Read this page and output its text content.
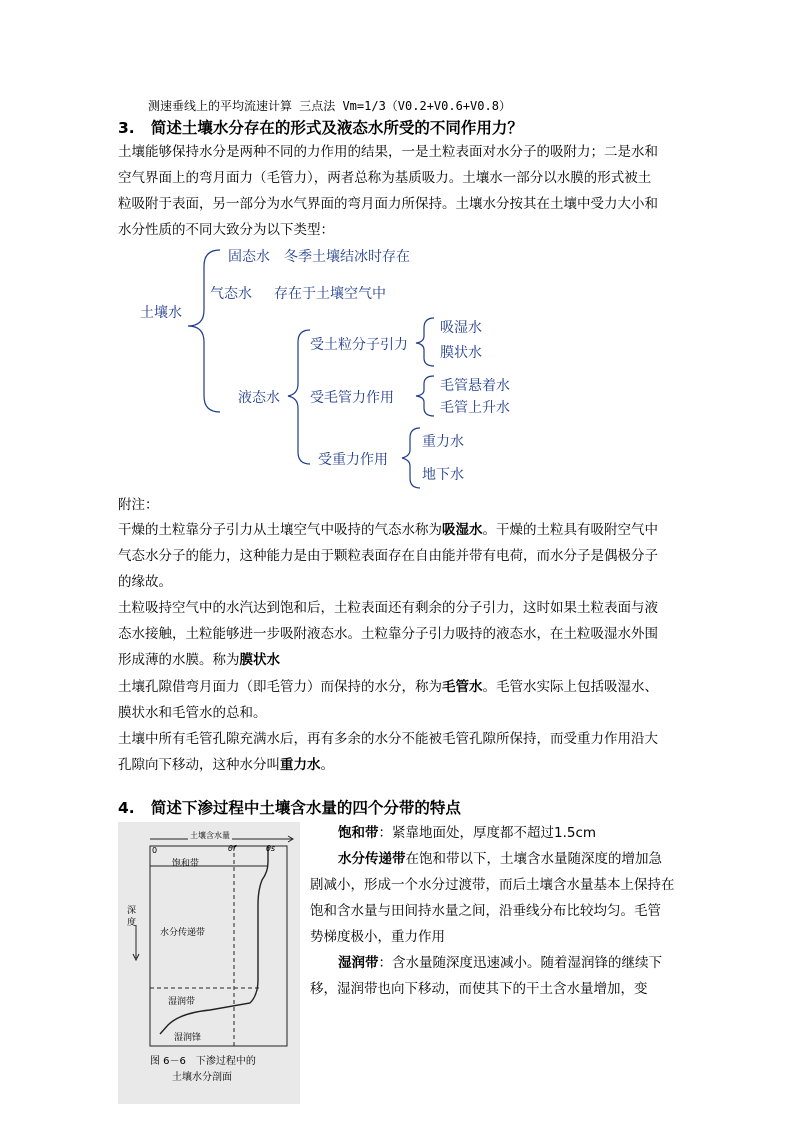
测速垂线上的平均流速计算 三点法 Vm=1/3（V0.2+V0.6+V0.8）
3. 简述土壤水分存在的形式及液态水所受的不同作用力？
土壤能够保持水分是两种不同的力作用的结果，一是土粒表面对水分子的吸附力；二是水和
空气界面上的弯月面力（毛管力），两者总称为基质吸力。土壤水一部分以水膜的形式被土
粒吸附于表面，另一部分为水气界面的弯月面力所保持。土壤水分按其在土壤中受力大小和
水分性质的不同大致分为以下类型：
固态水 冬季土壤结冰时存在
气态水 存在于土壤空气中
土壤水
受土粒分子引力
吸湿水
膜状水
液态水 受毛管力作用
毛管悬着水
毛管上升水
受重力作用
重力水
地下水
附注：
干燥的土粒靠分子引力从土壤空气中吸持的气态水称为吸湿水。干燥的土粒具有吸附空气中
气态水分子的能力，这种能力是由于颗粒表面存在自由能并带有电荷，而水分子是偶极分子
的缘故。
土粒吸持空气中的水汽达到饱和后，土粒表面还有剩余的分子引力，这时如果土粒表面与液
态水接触，土粒能够进一步吸附液态水。土粒靠分子引力吸持的液态水，在土粒吸湿水外围
形成薄的水膜。称为膜状水
土壤孔隙借弯月面力（即毛管力）而保持的水分，称为毛管水。毛管水实际上包括吸湿水、
膜状水和毛管水的总和。
土壤中所有毛管孔隙充满水后，再有多余的水分不能被毛管孔隙所保持，而受重力作用沿大
孔隙向下移动，这种水分叫重力水。
4. 简述下渗过程中土壤含水量的四个分带的特点
土壤含水量
0	θf	θs
饱和带
深度
水分传递带
湿润带
湿润锋
图 6－6　下渗过程中的
土壤水分剖面
饱和带：紧靠地面处，厚度都不超过1.5cm
水分传递带在饱和带以下，土壤含水量随深度的增加急
剧减小，形成一个水分过渡带，而后土壤含水量基本上保持在
饱和含水量与田间持水量之间，沿垂线分布比较均匀。毛管
势梯度极小，重力作用
湿润带：含水量随深度迅速减小。随着湿润锋的继续下
移，湿润带也向下移动，而使其下的干土含水量增加，变
